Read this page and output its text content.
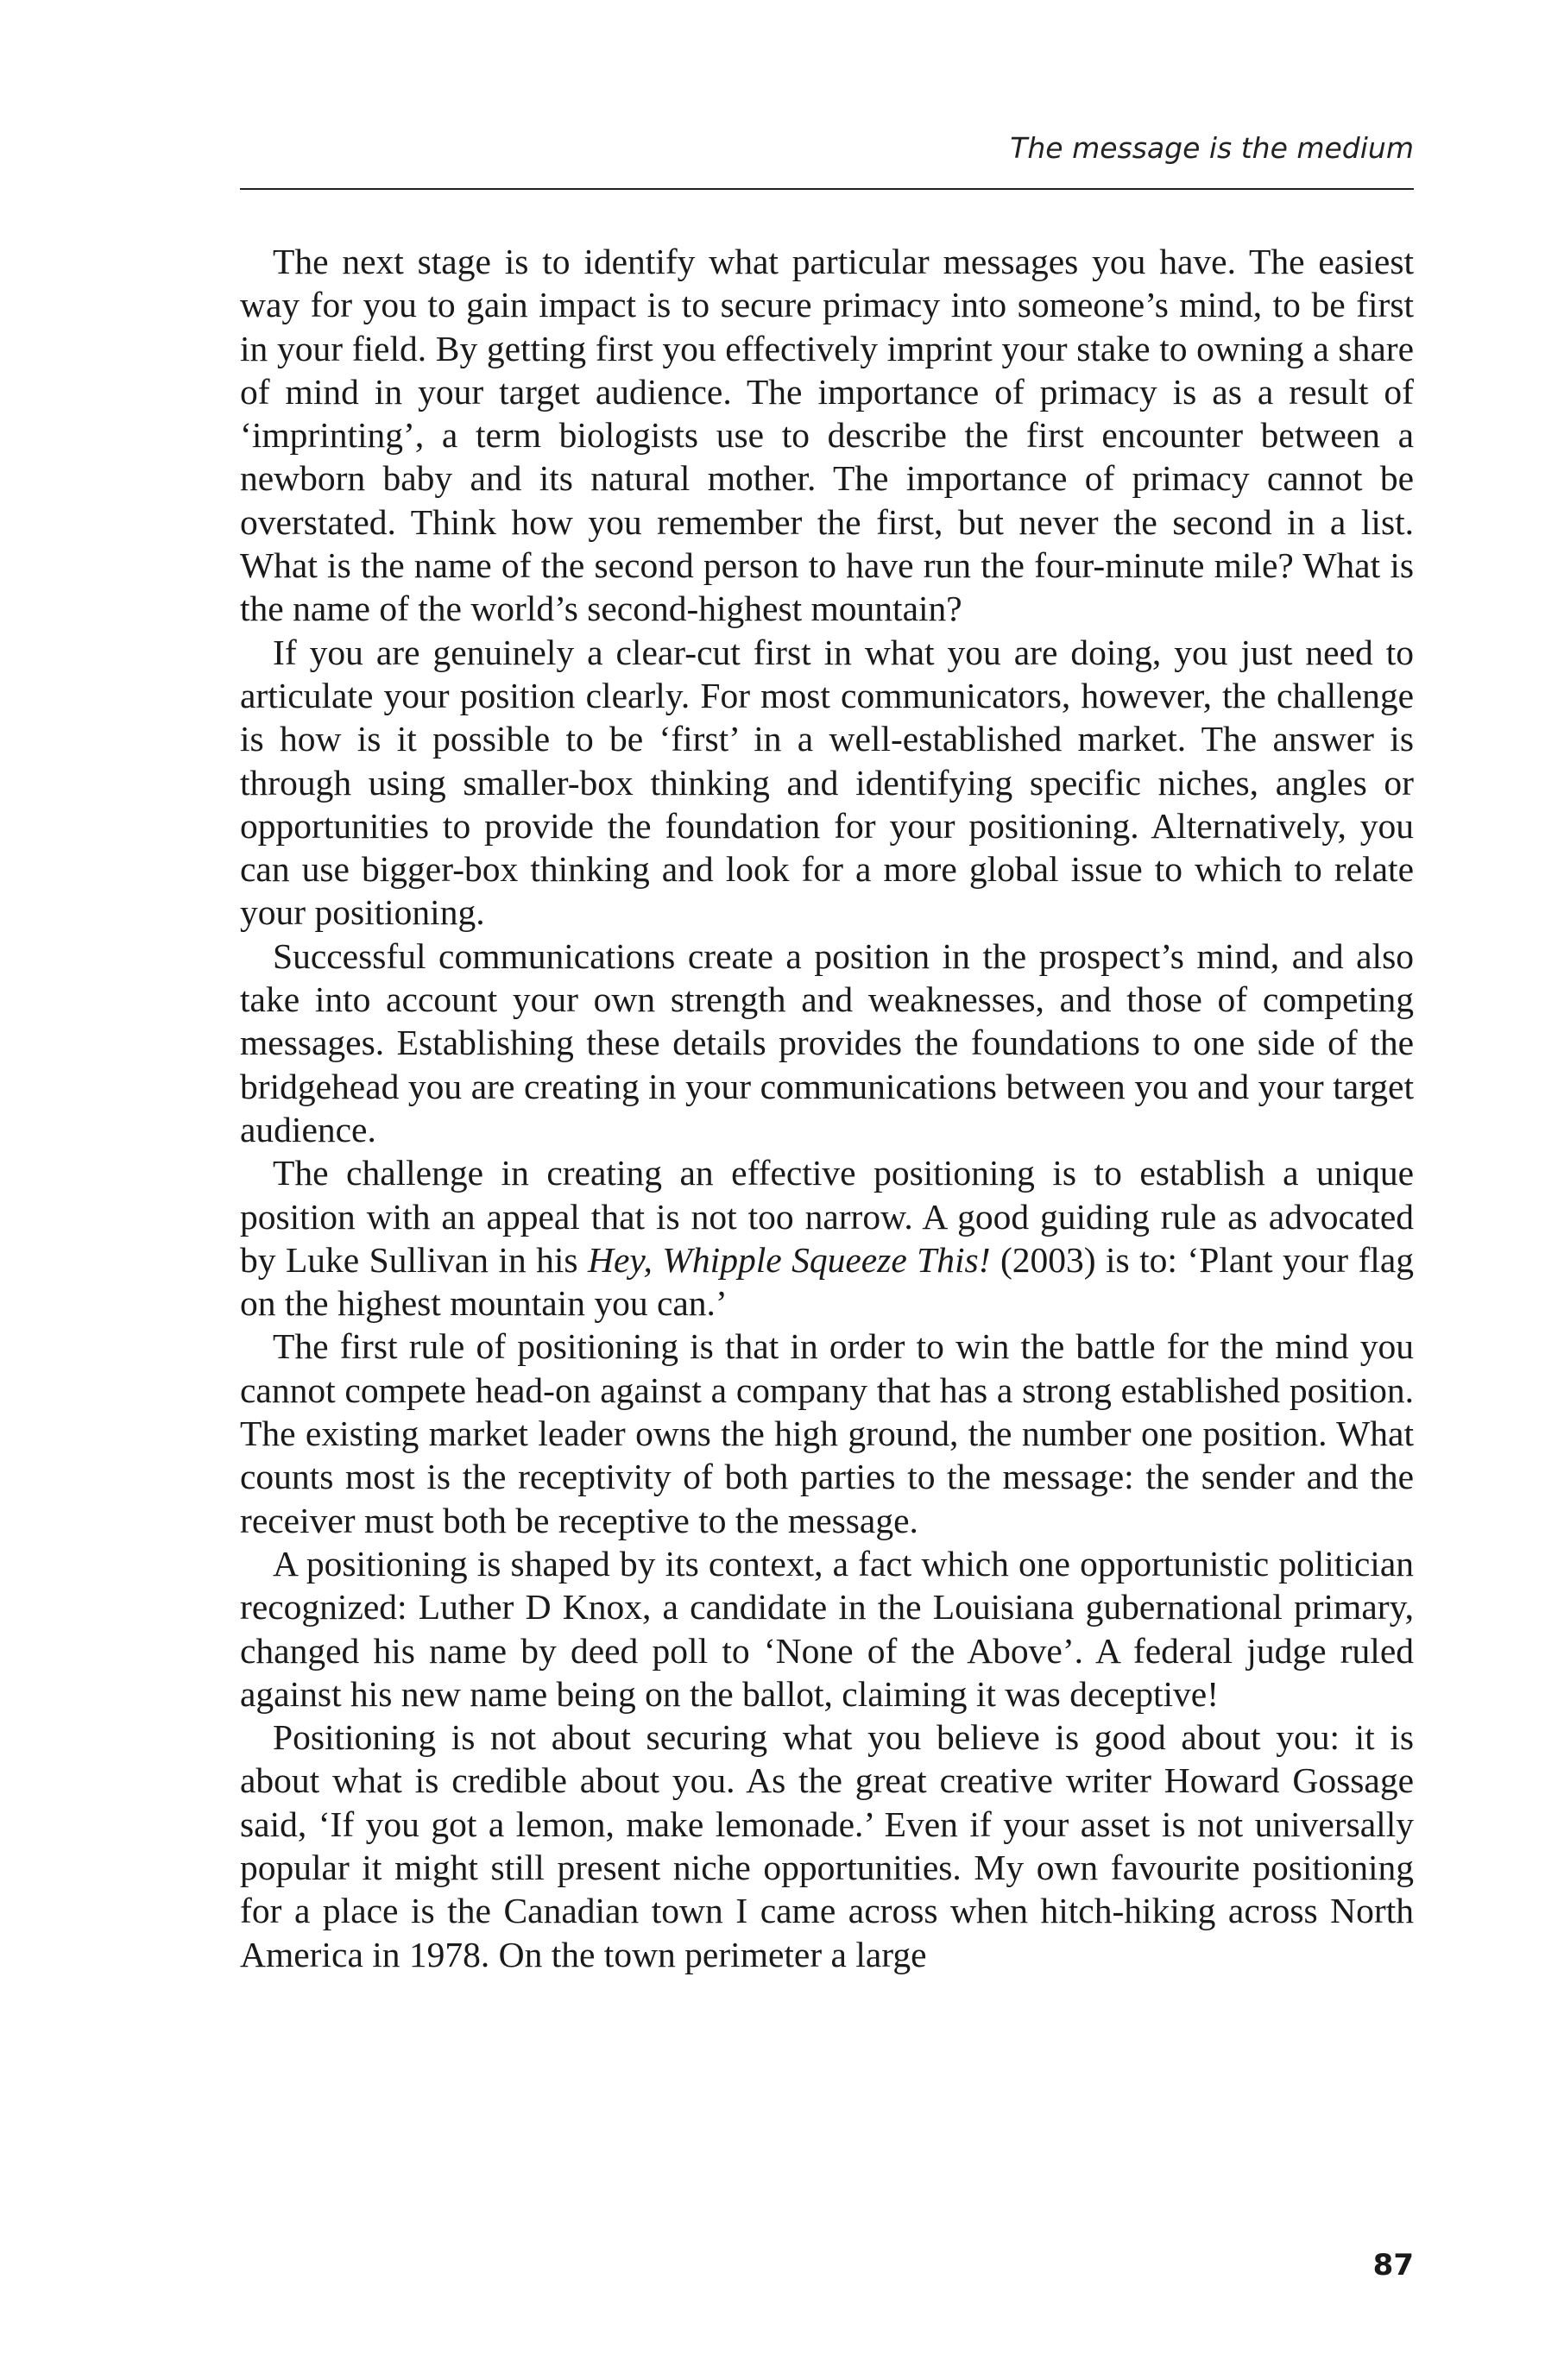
The message is the medium

The next stage is to identify what particular messages you have. The easiest way for you to gain impact is to secure primacy into someone’s mind, to be first in your field. By getting first you effectively imprint your stake to owning a share of mind in your target audience. The importance of primacy is as a result of ‘imprinting’, a term biologists use to describe the first encounter between a newborn baby and its natural mother. The importance of primacy cannot be overstated. Think how you remember the first, but never the second in a list. What is the name of the second person to have run the four-minute mile? What is the name of the world’s second-highest mountain?

If you are genuinely a clear-cut first in what you are doing, you just need to articulate your position clearly. For most communicators, however, the challenge is how is it possible to be ‘first’ in a well-established market. The answer is through using smaller-box thinking and identifying specific niches, angles or opportunities to provide the foundation for your positioning. Alternatively, you can use bigger-box thinking and look for a more global issue to which to relate your positioning.

Successful communications create a position in the prospect’s mind, and also take into account your own strength and weaknesses, and those of competing messages. Establishing these details provides the foundations to one side of the bridgehead you are creating in your communications between you and your target audience.

The challenge in creating an effective positioning is to establish a unique position with an appeal that is not too narrow. A good guiding rule as advocated by Luke Sullivan in his Hey, Whipple Squeeze This! (2003) is to: ‘Plant your flag on the highest mountain you can.’

The first rule of positioning is that in order to win the battle for the mind you cannot compete head-on against a company that has a strong established position. The existing market leader owns the high ground, the number one position. What counts most is the receptivity of both parties to the message: the sender and the receiver must both be receptive to the message.

A positioning is shaped by its context, a fact which one opportunistic politician recognized: Luther D Knox, a candidate in the Louisiana gubernational primary, changed his name by deed poll to ‘None of the Above’. A federal judge ruled against his new name being on the ballot, claiming it was deceptive!

Positioning is not about securing what you believe is good about you: it is about what is credible about you. As the great creative writer Howard Gossage said, ‘If you got a lemon, make lemonade.’ Even if your asset is not universally popular it might still present niche opportunities. My own favourite positioning for a place is the Canadian town I came across when hitch-hiking across North America in 1978. On the town perimeter a large

87
